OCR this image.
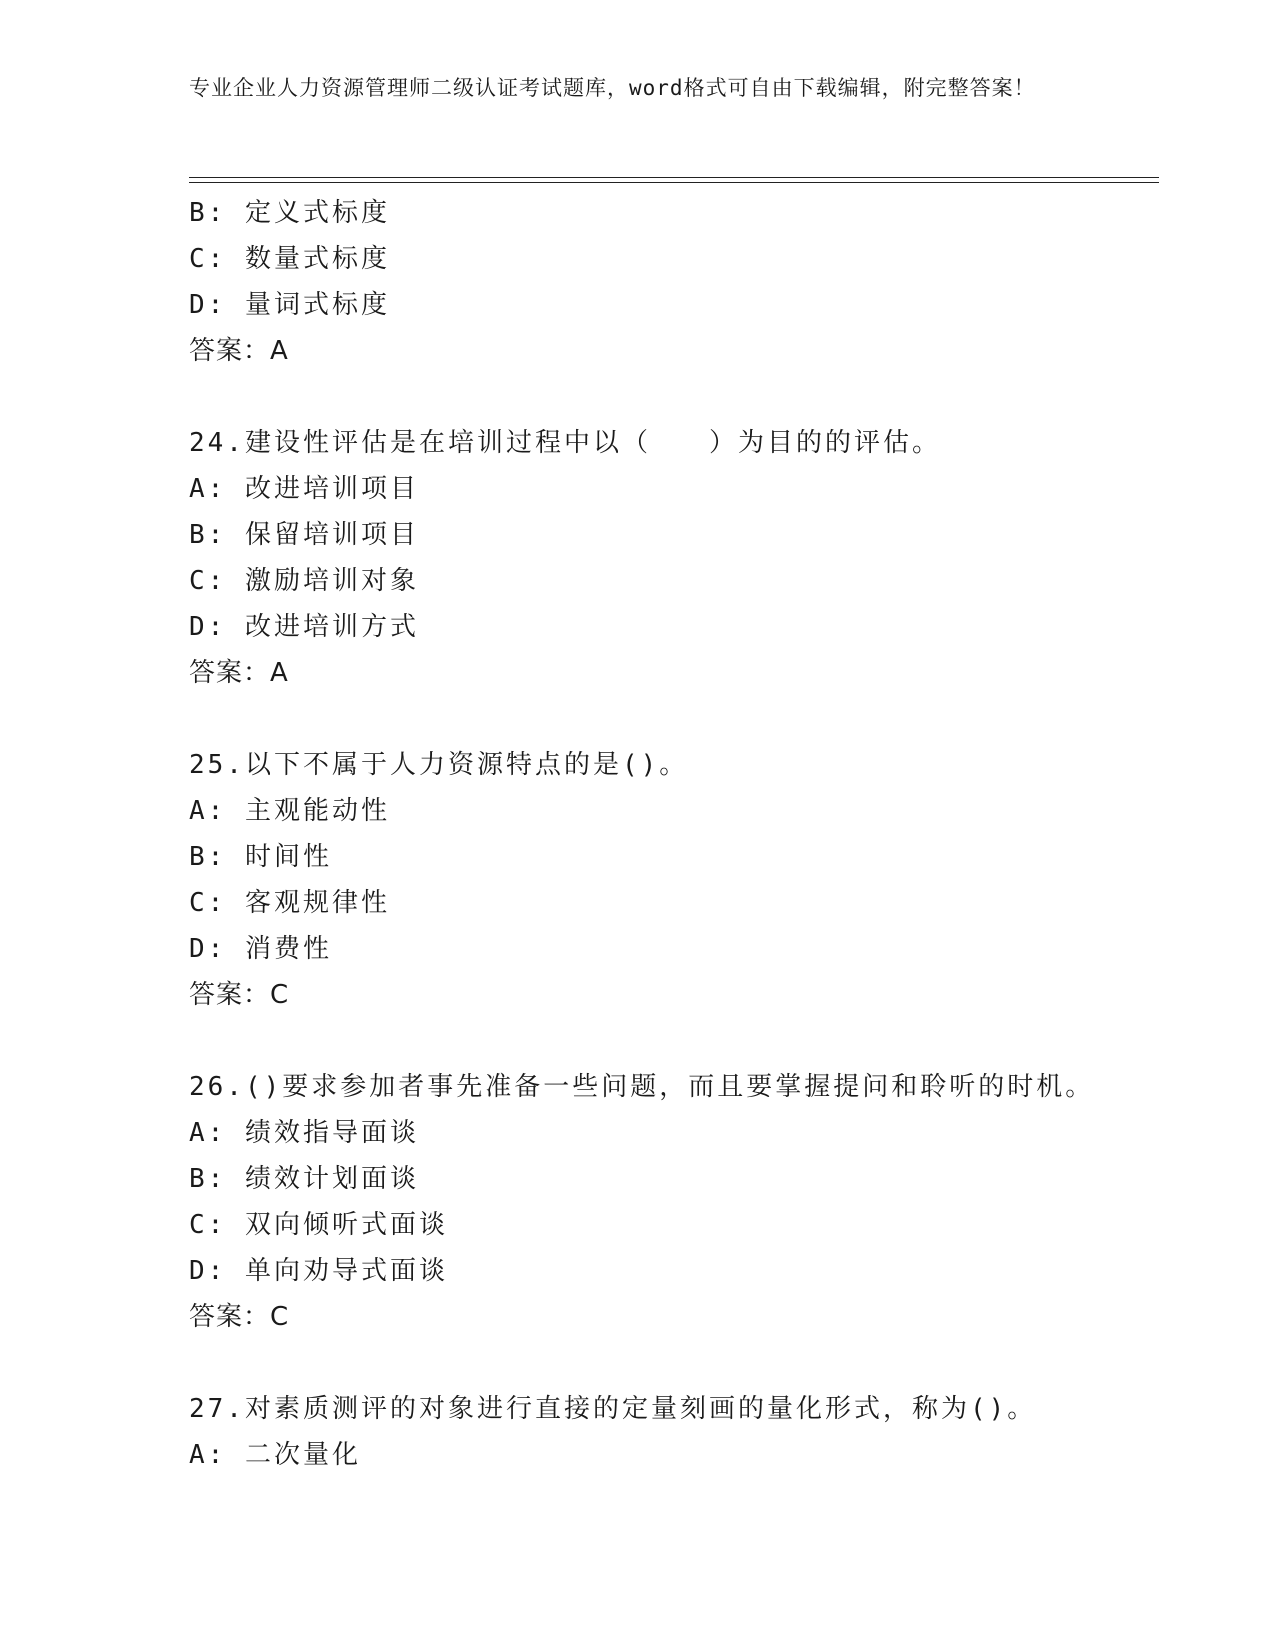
专业企业人力资源管理师二级认证考试题库，word格式可自由下载编辑，附完整答案！
B: 定义式标度
C: 数量式标度
D: 量词式标度
答案：A
24.建设性评估是在培训过程中以（　　）为目的的评估。
A: 改进培训项目
B: 保留培训项目
C: 激励培训对象
D: 改进培训方式
答案：A
25.以下不属于人力资源特点的是()。
A: 主观能动性
B: 时间性
C: 客观规律性
D: 消费性
答案：C
26.()要求参加者事先准备一些问题，而且要掌握提问和聆听的时机。
A: 绩效指导面谈
B: 绩效计划面谈
C: 双向倾听式面谈
D: 单向劝导式面谈
答案：C
27.对素质测评的对象进行直接的定量刻画的量化形式，称为()。
A: 二次量化
